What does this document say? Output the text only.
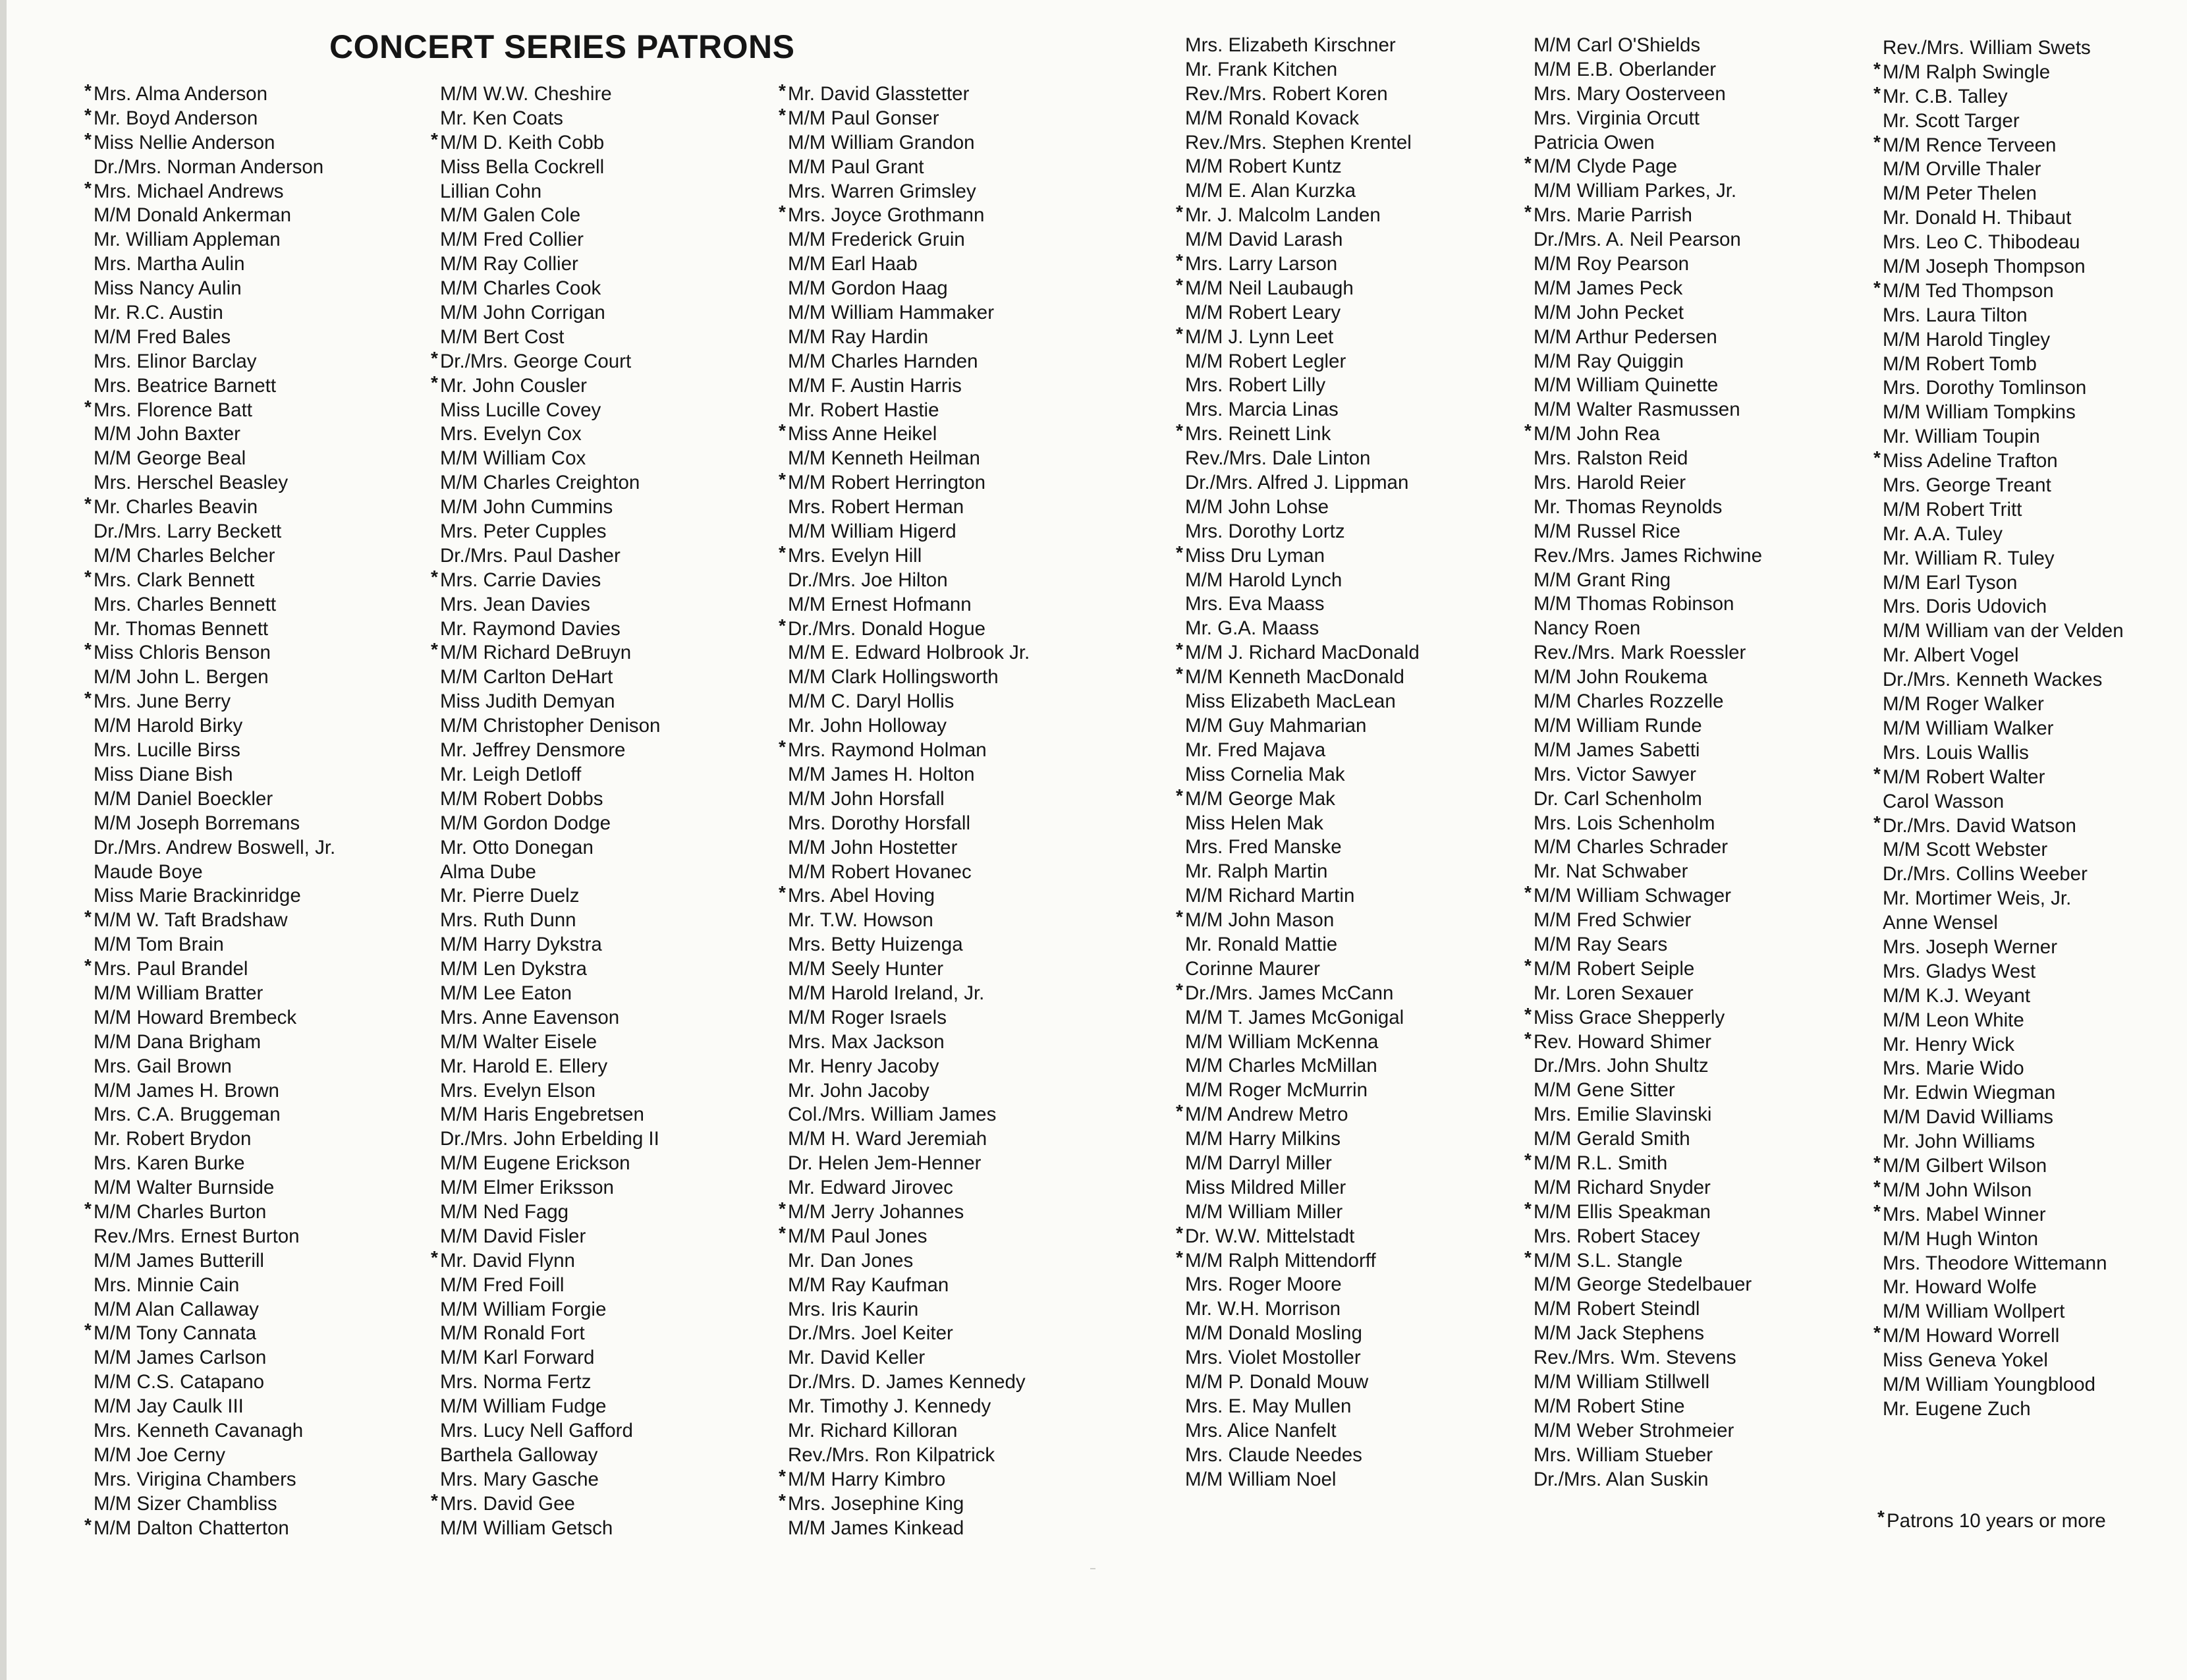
CONCERT SERIES PATRONS
* Mrs. Alma Anderson
* Mr. Boyd Anderson
* Miss Nellie Anderson
Dr./Mrs. Norman Anderson
* Mrs. Michael Andrews
M/M Donald Ankerman
Mr. William Appleman
Mrs. Martha Aulin
Miss Nancy Aulin
Mr. R.C. Austin
M/M Fred Bales
Mrs. Elinor Barclay
Mrs. Beatrice Barnett
* Mrs. Florence Batt
M/M John Baxter
M/M George Beal
Mrs. Herschel Beasley
* Mr. Charles Beavin
Dr./Mrs. Larry Beckett
M/M Charles Belcher
* Mrs. Clark Bennett
Mrs. Charles Bennett
Mr. Thomas Bennett
* Miss Chloris Benson
M/M John L. Bergen
* Mrs. June Berry
M/M Harold Birky
Mrs. Lucille Birss
Miss Diane Bish
M/M Daniel Boeckler
M/M Joseph Borremans
Dr./Mrs. Andrew Boswell, Jr.
Maude Boye
Miss Marie Brackinridge
* M/M W. Taft Bradshaw
M/M Tom Brain
* Mrs. Paul Brandel
M/M William Bratter
M/M Howard Brembeck
M/M Dana Brigham
Mrs. Gail Brown
M/M James H. Brown
Mrs. C.A. Bruggeman
Mr. Robert Brydon
Mrs. Karen Burke
M/M Walter Burnside
* M/M Charles Burton
Rev./Mrs. Ernest Burton
M/M James Butterill
Mrs. Minnie Cain
M/M Alan Callaway
* M/M Tony Cannata
M/M James Carlson
M/M C.S. Catapano
M/M Jay Caulk III
Mrs. Kenneth Cavanagh
M/M Joe Cerny
Mrs. Virigina Chambers
M/M Sizer Chambliss
* M/M Dalton Chatterton
M/M W.W. Cheshire
Mr. Ken Coats
* M/M D. Keith Cobb
Miss Bella Cockrell
Lillian Cohn
M/M Galen Cole
M/M Fred Collier
M/M Ray Collier
M/M Charles Cook
M/M John Corrigan
M/M Bert Cost
* Dr./Mrs. George Court
* Mr. John Cousler
Miss Lucille Covey
Mrs. Evelyn Cox
M/M William Cox
M/M Charles Creighton
M/M John Cummins
Mrs. Peter Cupples
Dr./Mrs. Paul Dasher
* Mrs. Carrie Davies
Mrs. Jean Davies
Mr. Raymond Davies
* M/M Richard DeBruyn
M/M Carlton DeHart
Miss Judith Demyan
M/M Christopher Denison
Mr. Jeffrey Densmore
Mr. Leigh Detloff
M/M Robert Dobbs
M/M Gordon Dodge
Mr. Otto Donegan
Alma Dube
Mr. Pierre Duelz
Mrs. Ruth Dunn
M/M Harry Dykstra
M/M Len Dykstra
M/M Lee Eaton
Mrs. Anne Eavenson
M/M Walter Eisele
Mr. Harold E. Ellery
Mrs. Evelyn Elson
M/M Haris Engebretsen
Dr./Mrs. John Erbelding II
M/M Eugene Erickson
M/M Elmer Eriksson
M/M Ned Fagg
M/M David Fisler
* Mr. David Flynn
M/M Fred Foill
M/M William Forgie
M/M Ronald Fort
M/M Karl Forward
Mrs. Norma Fertz
M/M William Fudge
Mrs. Lucy Nell Gafford
Barthela Galloway
Mrs. Mary Gasche
* Mrs. David Gee
M/M William Getsch
* Mr. David Glasstetter
* M/M Paul Gonser
M/M William Grandon
M/M Paul Grant
Mrs. Warren Grimsley
* Mrs. Joyce Grothmann
M/M Frederick Gruin
M/M Earl Haab
M/M Gordon Haag
M/M William Hammaker
M/M Ray Hardin
M/M Charles Harnden
M/M F. Austin Harris
Mr. Robert Hastie
* Miss Anne Heikel
M/M Kenneth Heilman
* M/M Robert Herrington
Mrs. Robert Herman
M/M William Higerd
* Mrs. Evelyn Hill
Dr./Mrs. Joe Hilton
M/M Ernest Hofmann
* Dr./Mrs. Donald Hogue
M/M E. Edward Holbrook Jr.
M/M Clark Hollingsworth
M/M C. Daryl Hollis
Mr. John Holloway
* Mrs. Raymond Holman
M/M James H. Holton
M/M John Horsfall
Mrs. Dorothy Horsfall
M/M John Hostetter
M/M Robert Hovanec
* Mrs. Abel Hoving
Mr. T.W. Howson
Mrs. Betty Huizenga
M/M Seely Hunter
M/M Harold Ireland, Jr.
M/M Roger Israels
Mrs. Max Jackson
Mr. Henry Jacoby
Mr. John Jacoby
Col./Mrs. William James
M/M H. Ward Jeremiah
Dr. Helen Jem-Henner
Mr. Edward Jirovec
* M/M Jerry Johannes
* M/M Paul Jones
Mr. Dan Jones
M/M Ray Kaufman
Mrs. Iris Kaurin
Dr./Mrs. Joel Keiter
Mr. David Keller
Dr./Mrs. D. James Kennedy
Mr. Timothy J. Kennedy
Mr. Richard Killoran
Rev./Mrs. Ron Kilpatrick
* M/M Harry Kimbro
* Mrs. Josephine King
M/M James Kinkead
Mrs. Elizabeth Kirschner
Mr. Frank Kitchen
Rev./Mrs. Robert Koren
M/M Ronald Kovack
Rev./Mrs. Stephen Krentel
M/M Robert Kuntz
M/M E. Alan Kurzka
* Mr. J. Malcolm Landen
M/M David Larash
* Mrs. Larry Larson
* M/M Neil Laubaugh
M/M Robert Leary
* M/M J. Lynn Leet
M/M Robert Legler
Mrs. Robert Lilly
Mrs. Marcia Linas
* Mrs. Reinett Link
Rev./Mrs. Dale Linton
Dr./Mrs. Alfred J. Lippman
M/M John Lohse
Mrs. Dorothy Lortz
* Miss Dru Lyman
M/M Harold Lynch
Mrs. Eva Maass
Mr. G.A. Maass
* M/M J. Richard MacDonald
* M/M Kenneth MacDonald
Miss Elizabeth MacLean
M/M Guy Mahmarian
Mr. Fred Majava
Miss Cornelia Mak
* M/M George Mak
Miss Helen Mak
Mrs. Fred Manske
Mr. Ralph Martin
M/M Richard Martin
* M/M John Mason
Mr. Ronald Mattie
Corinne Maurer
* Dr./Mrs. James McCann
M/M T. James McGonigal
M/M William McKenna
M/M Charles McMillan
M/M Roger McMurrin
* M/M Andrew Metro
M/M Harry Milkins
M/M Darryl Miller
Miss Mildred Miller
M/M William Miller
* Dr. W.W. Mittelstadt
* M/M Ralph Mittendorff
Mrs. Roger Moore
Mr. W.H. Morrison
M/M Donald Mosling
Mrs. Violet Mostoller
M/M P. Donald Mouw
Mrs. E. May Mullen
Mrs. Alice Nanfelt
Mrs. Claude Needes
M/M William Noel
M/M Carl O'Shields
M/M E.B. Oberlander
Mrs. Mary Oosterveen
Mrs. Virginia Orcutt
Patricia Owen
* M/M Clyde Page
M/M William Parkes, Jr.
* Mrs. Marie Parrish
Dr./Mrs. A. Neil Pearson
M/M Roy Pearson
M/M James Peck
M/M John Pecket
M/M Arthur Pedersen
M/M Ray Quiggin
M/M William Quinette
M/M Walter Rasmussen
* M/M John Rea
Mrs. Ralston Reid
Mrs. Harold Reier
Mr. Thomas Reynolds
M/M Russel Rice
Rev./Mrs. James Richwine
M/M Grant Ring
M/M Thomas Robinson
Nancy Roen
Rev./Mrs. Mark Roessler
M/M John Roukema
M/M Charles Rozzelle
M/M William Runde
M/M James Sabetti
Mrs. Victor Sawyer
Dr. Carl Schenholm
Mrs. Lois Schenholm
M/M Charles Schrader
Mr. Nat Schwaber
* M/M William Schwager
M/M Fred Schwier
M/M Ray Sears
* M/M Robert Seiple
Mr. Loren Sexauer
* Miss Grace Shepperly
* Rev. Howard Shimer
Dr./Mrs. John Shultz
M/M Gene Sitter
Mrs. Emilie Slavinski
M/M Gerald Smith
* M/M R.L. Smith
M/M Richard Snyder
* M/M Ellis Speakman
Mrs. Robert Stacey
* M/M S.L. Stangle
M/M George Stedelbauer
M/M Robert Steindl
M/M Jack Stephens
Rev./Mrs. Wm. Stevens
M/M William Stillwell
M/M Robert Stine
M/M Weber Strohmeier
Mrs. William Stueber
Dr./Mrs. Alan Suskin
Rev./Mrs. William Swets
* M/M Ralph Swingle
* Mr. C.B. Talley
Mr. Scott Targer
* M/M Rence Terveen
M/M Orville Thaler
M/M Peter Thelen
Mr. Donald H. Thibaut
Mrs. Leo C. Thibodeau
M/M Joseph Thompson
* M/M Ted Thompson
Mrs. Laura Tilton
M/M Harold Tingley
M/M Robert Tomb
Mrs. Dorothy Tomlinson
M/M William Tompkins
Mr. William Toupin
* Miss Adeline Trafton
Mrs. George Treant
M/M Robert Tritt
Mr. A.A. Tuley
Mr. William R. Tuley
M/M Earl Tyson
Mrs. Doris Udovich
M/M William van der Velden
Mr. Albert Vogel
Dr./Mrs. Kenneth Wackes
M/M Roger Walker
M/M William Walker
Mrs. Louis Wallis
* M/M Robert Walter
Carol Wasson
* Dr./Mrs. David Watson
M/M Scott Webster
Dr./Mrs. Collins Weeber
Mr. Mortimer Weis, Jr.
Anne Wensel
Mrs. Joseph Werner
Mrs. Gladys West
M/M K.J. Weyant
M/M Leon White
Mr. Henry Wick
Mrs. Marie Wido
Mr. Edwin Wiegman
M/M David Williams
Mr. John Williams
* M/M Gilbert Wilson
* M/M John Wilson
* Mrs. Mabel Winner
M/M Hugh Winton
Mrs. Theodore Wittemann
Mr. Howard Wolfe
M/M William Wollpert
* M/M Howard Worrell
Miss Geneva Yokel
M/M William Youngblood
Mr. Eugene Zuch
* Patrons 10 years or more
